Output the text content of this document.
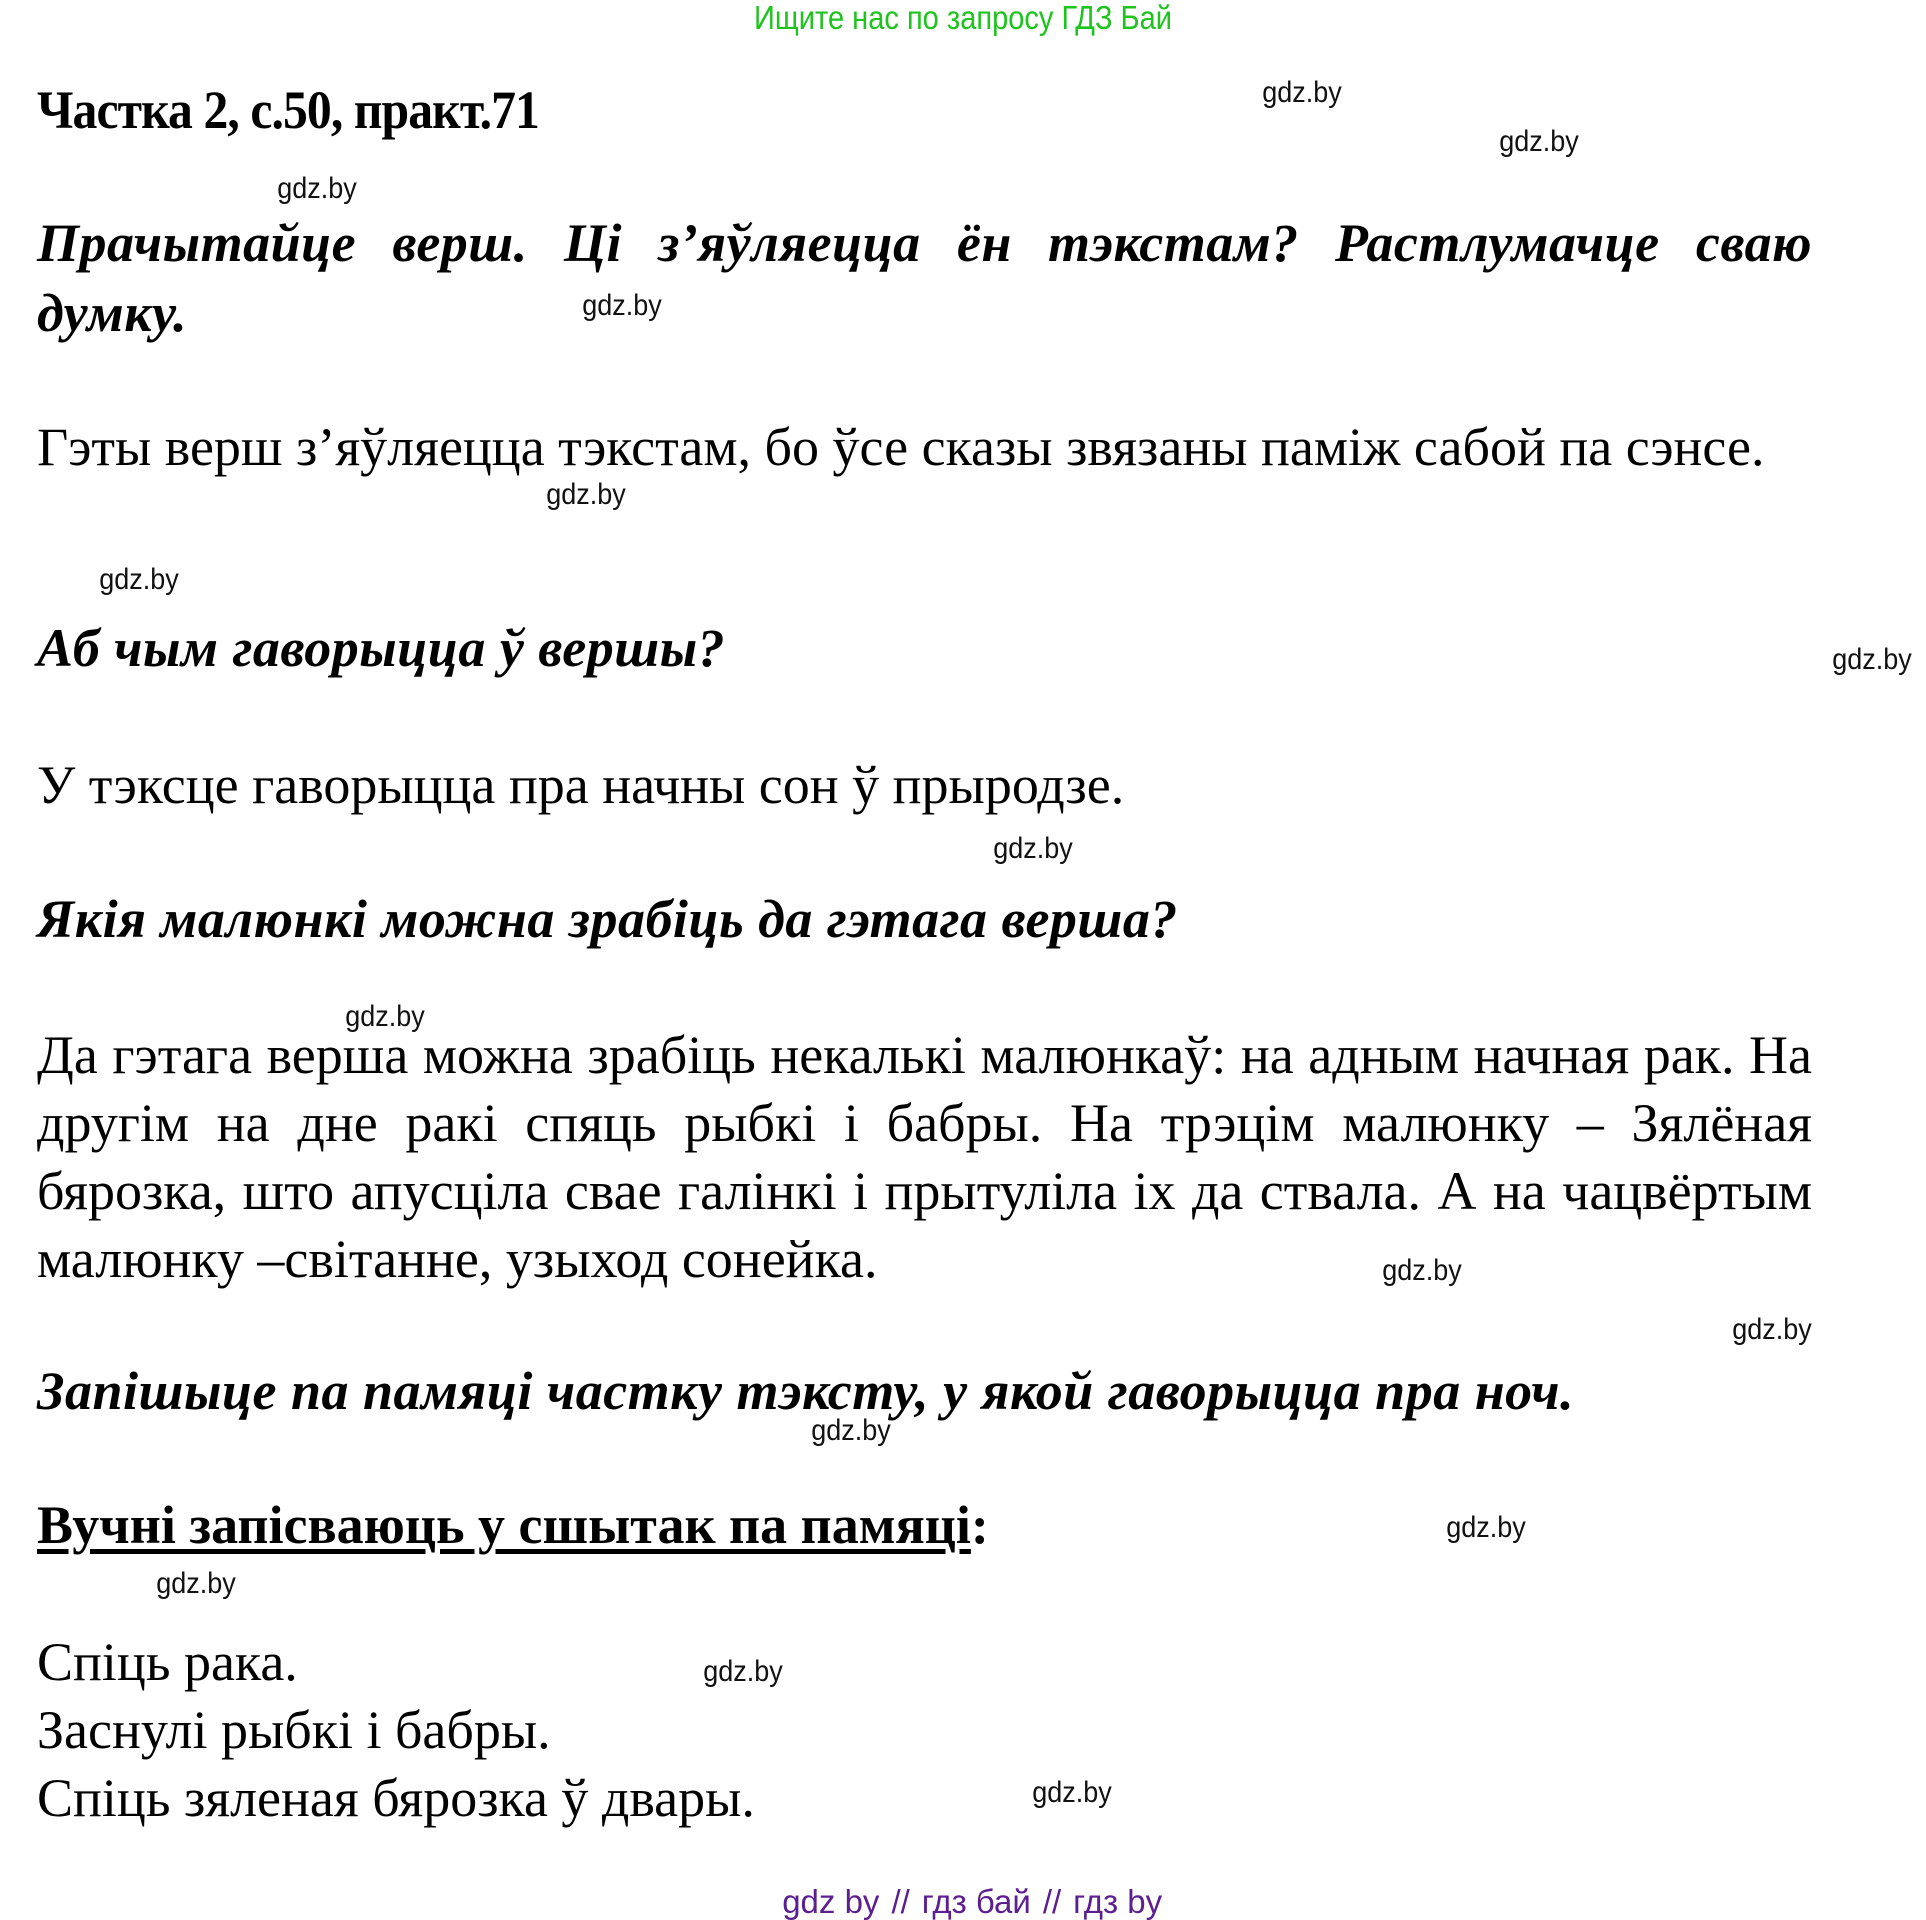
Ищите нас по запросу ГДЗ Бай
Частка 2, с.50, практ.71
Прачытайце верш. Ці з’яўляецца ён тэкстам? Растлумачце сваю думку.
Гэты верш з’яўляецца тэкстам, бо ўсе сказы звязаны паміж сабой па сэнсе.
Аб чым гаворыцца ў вершы?
У тэксце гаворыцца пра начны сон ў прыродзе.
Якія малюнкі можна зрабіць да гэтага верша?
Да гэтага верша можна зрабіць некалькі малюнкаў: на адным начная рак. На другім на дне ракі спяць рыбкі і бабры. На трэцім малюнку – Зялёная бярозка, што апусціла свае галінкі і прытуліла іх да ствала. А на чацвёртым малюнку –світанне, узыход сонейка.
Запішыце па памяці частку тэксту, у якой гаворыцца пра ноч.
Вучні запісваюць у сшытак па памяці:
Спіць рака.
Заснулі рыбкі і бабры.
Спіць зяленая бярозка ў двары.
gdz.by
gdz.by
gdz.by
gdz.by
gdz.by
gdz.by
gdz.by
gdz.by
gdz.by
gdz.by
gdz.by
gdz.by
gdz.by
gdz.by
gdz.by
gdz.by

gdz by // гдз бай // гдз by
